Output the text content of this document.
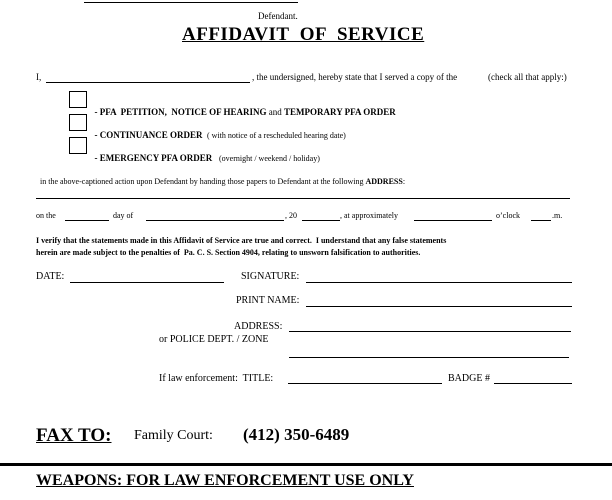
Defendant.
AFFIDAVIT  OF  SERVICE
I,	, the undersigned, hereby state that I served a copy of the	(check all that apply:)

- PFA  PETITION,  NOTICE OF HEARING and TEMPORARY PFA ORDER

- CONTINUANCE ORDER ( with notice of a rescheduled hearing date)

- EMERGENCY PFA ORDER (overnight / weekend / holiday)

in the above-captioned action upon Defendant by handing those papers to Defendant at the following ADDRESS:

on the	day of	, 20	, at approximately	o’clock	.m.
I verify that the statements made in this Affidavit of Service are true and correct.  I understand that any false statements
herein are made subject to the penalties of  Pa. C. S. Section 4904, relating to unsworn falsification to authorities.
DATE:	SIGNATURE:
PRINT NAME:
ADDRESS:
or POLICE DEPT. / ZONE
If law enforcement:  TITLE:	BADGE #
FAX TO: Family Court: (412) 350-6489
WEAPONS: FOR LAW ENFORCEMENT USE ONLY
